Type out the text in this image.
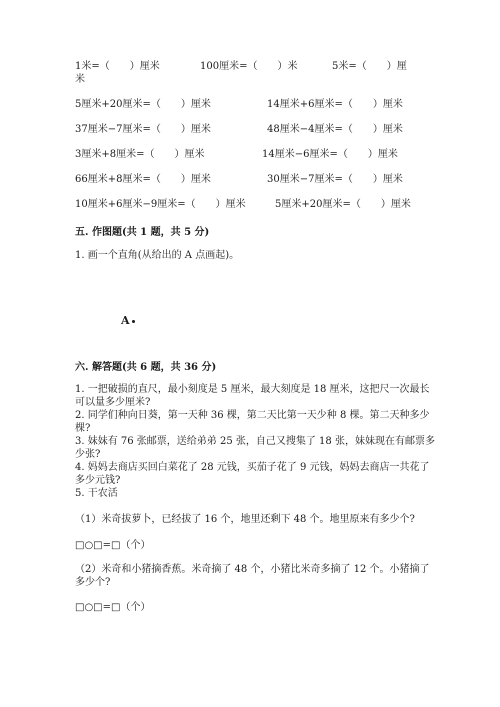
1米=（　　）厘米	100厘米=（　　）米	5米=（　　）厘
米
5厘米+20厘米=（　　）厘米	14厘米+6厘米=（　　）厘米
37厘米−7厘米=（　　）厘米	48厘米−4厘米=（　　）厘米
3厘米+8厘米=（　　）厘米	14厘米−6厘米=（　　）厘米
66厘米+8厘米=（　　）厘米	30厘米−7厘米=（　　）厘米
10厘米+6厘米−9厘米=（　　）厘米	5厘米+20厘米=（　　）厘米
五. 作图题(共 1 题，共 5 分)
1. 画一个直角(从给出的 A 点画起)。
A
六. 解答题(共 6 题，共 36 分)
1. 一把破损的直尺，最小刻度是 5 厘米，最大刻度是 18 厘米，这把尺一次最长
可以量多少厘米?
2. 同学们种向日葵，第一天种 36 棵，第二天比第一天少种 8 棵。第二天种多少
棵?
3. 妹妹有 76 张邮票，送给弟弟 25 张，自己又搜集了 18 张，妹妹现在有邮票多
少张?
4. 妈妈去商店买回白菜花了 28 元钱，买茄子花了 9 元钱，妈妈去商店一共花了
多少元钱?
5. 干农活
（1）米奇拔萝卜，已经拔了 16 个，地里还剩下 48 个。地里原来有多少个?
□○□=□（个）
（2）米奇和小猪摘香蕉。米奇摘了 48 个，小猪比米奇多摘了 12 个。小猪摘了
多少个?
□○□=□（个）
